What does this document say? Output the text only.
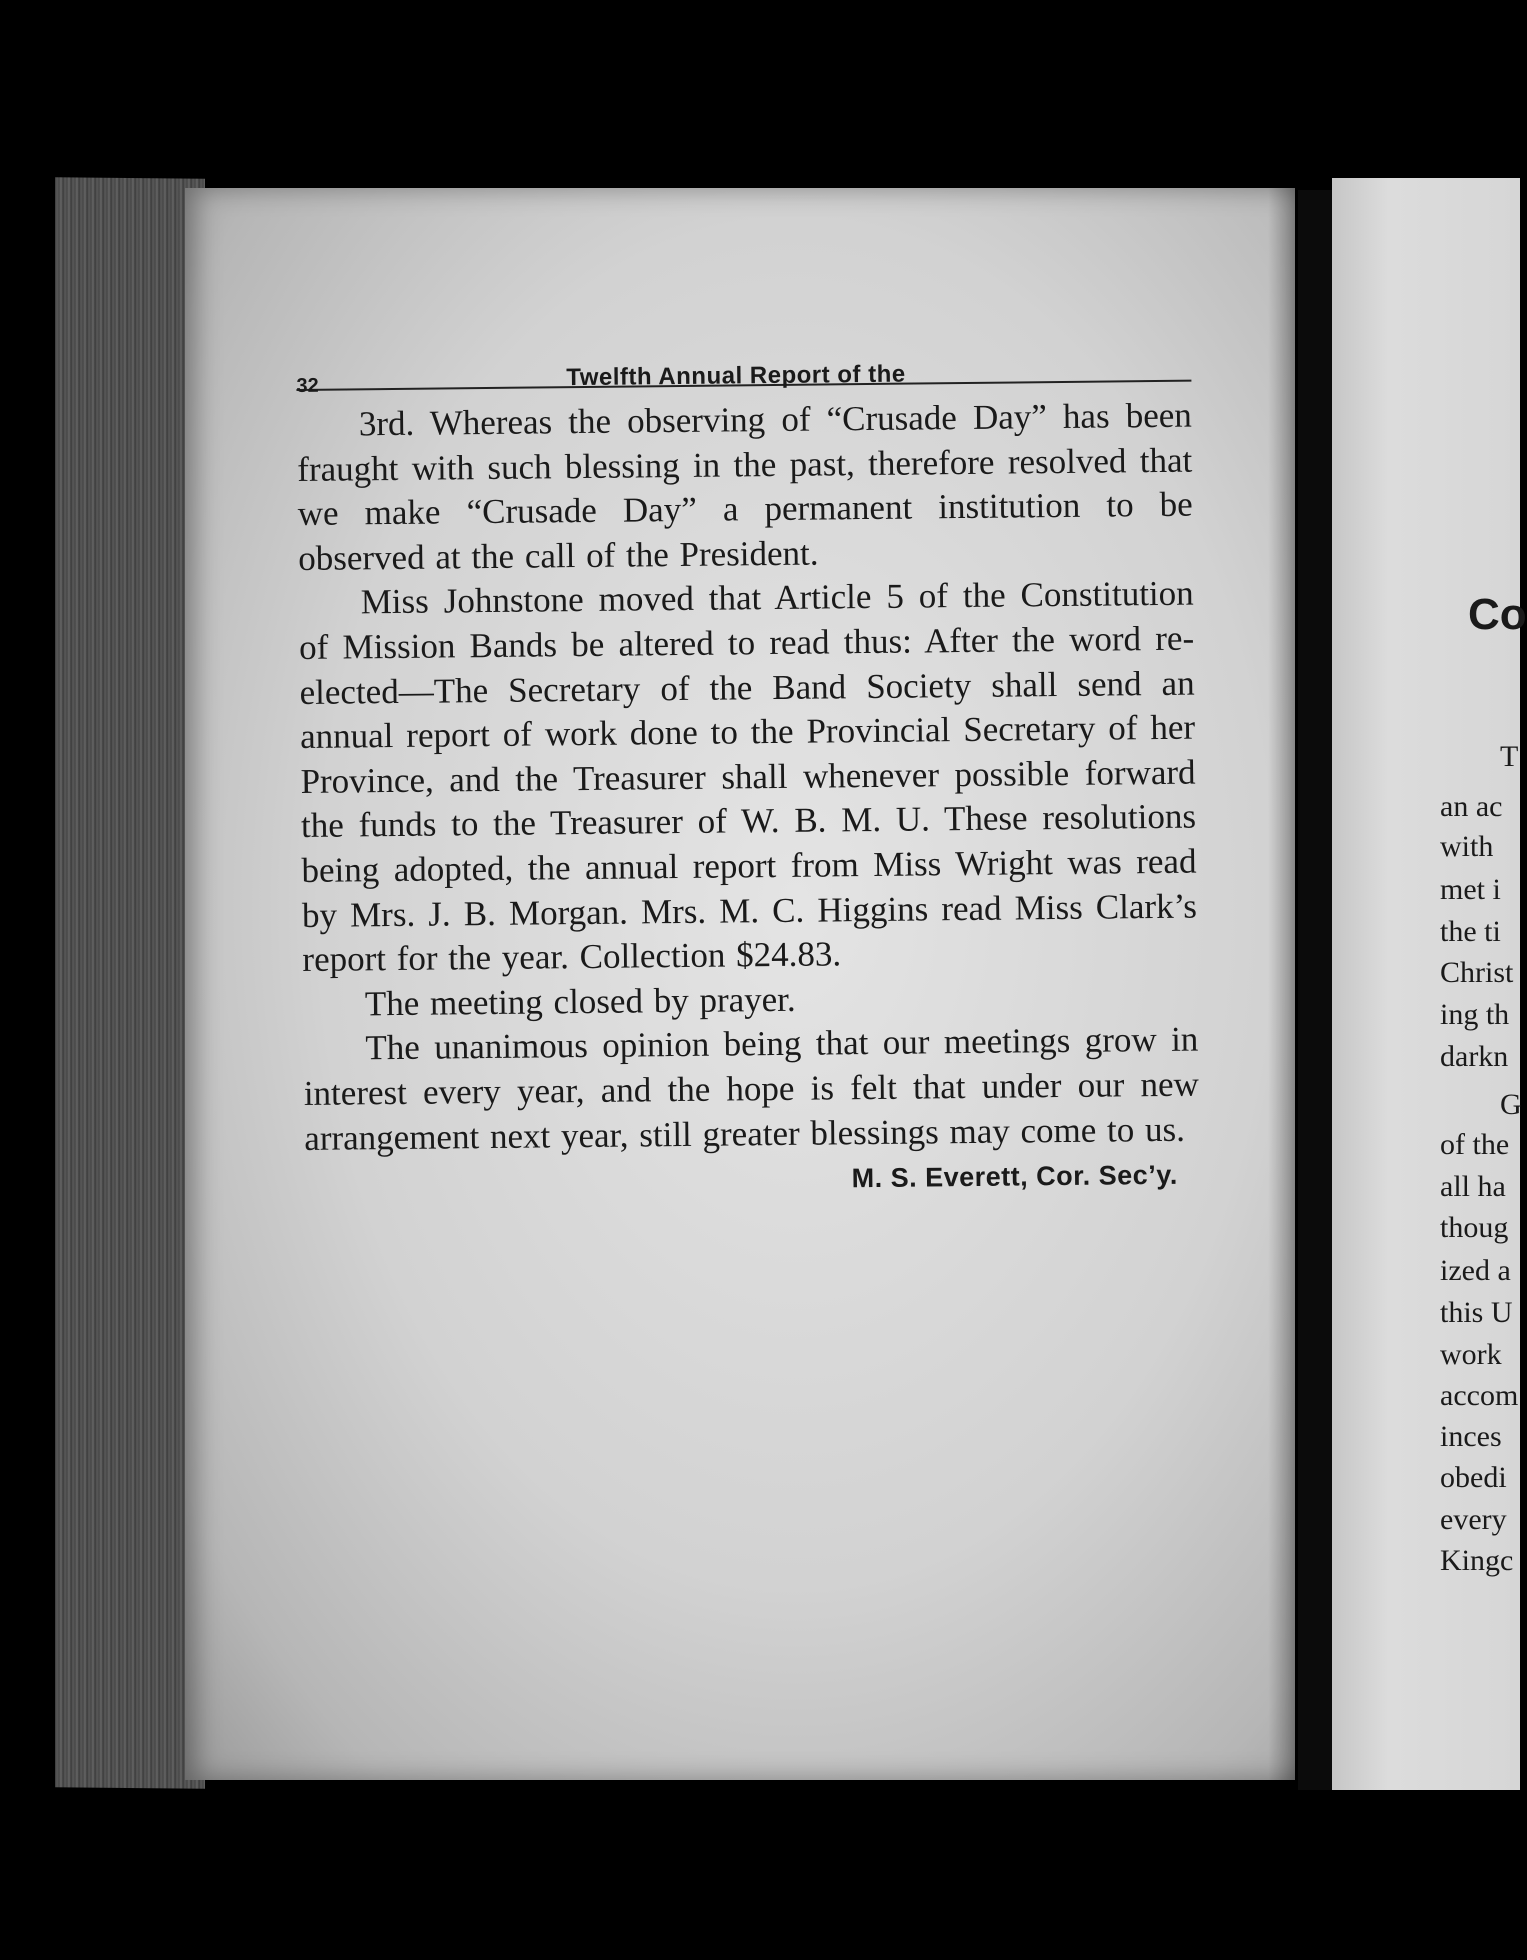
32	Twelfth Annual Report of the

3rd. Whereas the observing of “Crusade Day” has been fraught with such blessing in the past, therefore resolved that we make “Crusade Day” a permanent institution to be observed at the call of the President.

Miss Johnstone moved that Article 5 of the Constitution of Mission Bands be altered to read thus: After the word re-elected—The Secretary of the Band Society shall send an annual report of work done to the Provincial Secretary of her Province, and the Treasurer shall whenever possible forward the funds to the Treasurer of W. B. M. U. These resolutions being adopted, the annual report from Miss Wright was read by Mrs. J. B. Morgan. Mrs. M. C. Higgins read Miss Clark’s report for the year. Collection $24.83.

The meeting closed by prayer.

The unanimous opinion being that our meetings grow in interest every year, and the hope is felt that under our new arrangement next year, still greater blessings may come to us.

M. S. Everett, Cor. Sec’y.
Co
T
an ac
with
met i
the ti
Christ
ing th
darkn
G
of the
all ha
thoug
ized a
this U
work
accom
inces
obedi
every
Kingc
